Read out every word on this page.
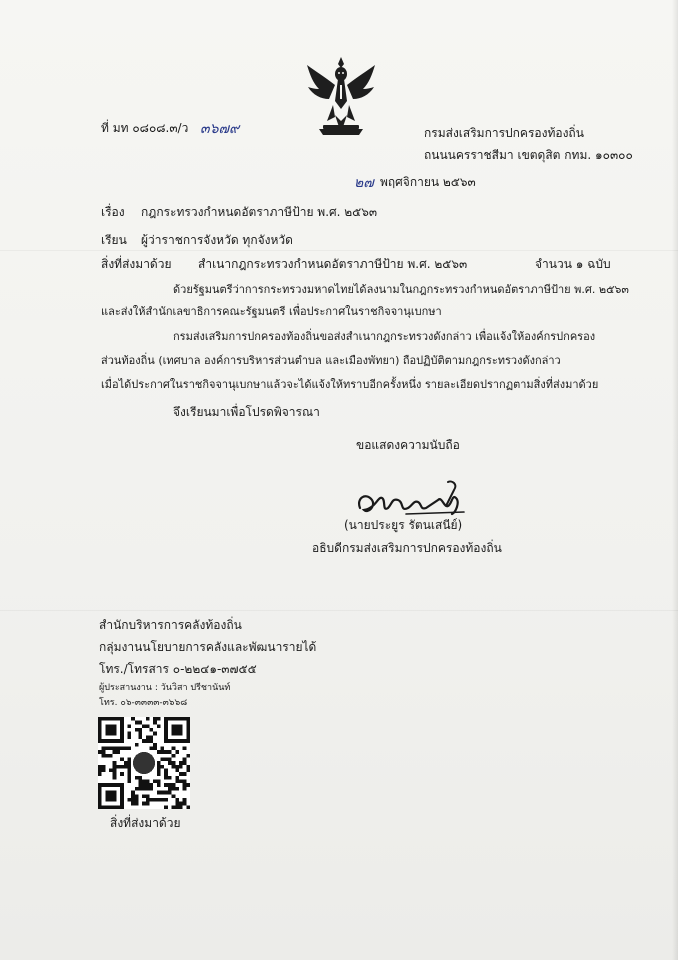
ที่ มท ๐๘๐๘.๓/ว ๓๖๗๙	กรมส่งเสริมการปกครองท้องถิ่น
ถนนนครราชสีมา เขตดุสิต กทม. ๑๐๓๐๐
๒๗ พฤศจิกายน ๒๕๖๓
เรื่อง กฎกระทรวงกำหนดอัตราภาษีป้าย พ.ศ. ๒๕๖๓
เรียน ผู้ว่าราชการจังหวัด ทุกจังหวัด
สิ่งที่ส่งมาด้วย สำเนากฎกระทรวงกำหนดอัตราภาษีป้าย พ.ศ. ๒๕๖๓	จำนวน ๑ ฉบับ
ด้วยรัฐมนตรีว่าการกระทรวงมหาดไทยได้ลงนามในกฎกระทรวงกำหนดอัตราภาษีป้าย พ.ศ. ๒๕๖๓
และส่งให้สำนักเลขาธิการคณะรัฐมนตรี เพื่อประกาศในราชกิจจานุเบกษา
กรมส่งเสริมการปกครองท้องถิ่นขอส่งสำเนากฎกระทรวงดังกล่าว เพื่อแจ้งให้องค์กรปกครอง
ส่วนท้องถิ่น (เทศบาล องค์การบริหารส่วนตำบล และเมืองพัทยา) ถือปฏิบัติตามกฎกระทรวงดังกล่าว
เมื่อได้ประกาศในราชกิจจานุเบกษาแล้วจะได้แจ้งให้ทราบอีกครั้งหนึ่ง รายละเอียดปรากฏตามสิ่งที่ส่งมาด้วย
จึงเรียนมาเพื่อโปรดพิจารณา
ขอแสดงความนับถือ
(นายประยูร รัตนเสนีย์)
อธิบดีกรมส่งเสริมการปกครองท้องถิ่น
สำนักบริหารการคลังท้องถิ่น
กลุ่มงานนโยบายการคลังและพัฒนารายได้
โทร./โทรสาร ๐-๒๒๔๑-๓๗๕๕
ผู้ประสานงาน : วันวิสา ปรีชานันท์
โทร. ๐๖-๓๓๓๓-๓๖๖๘
สิ่งที่ส่งมาด้วย
